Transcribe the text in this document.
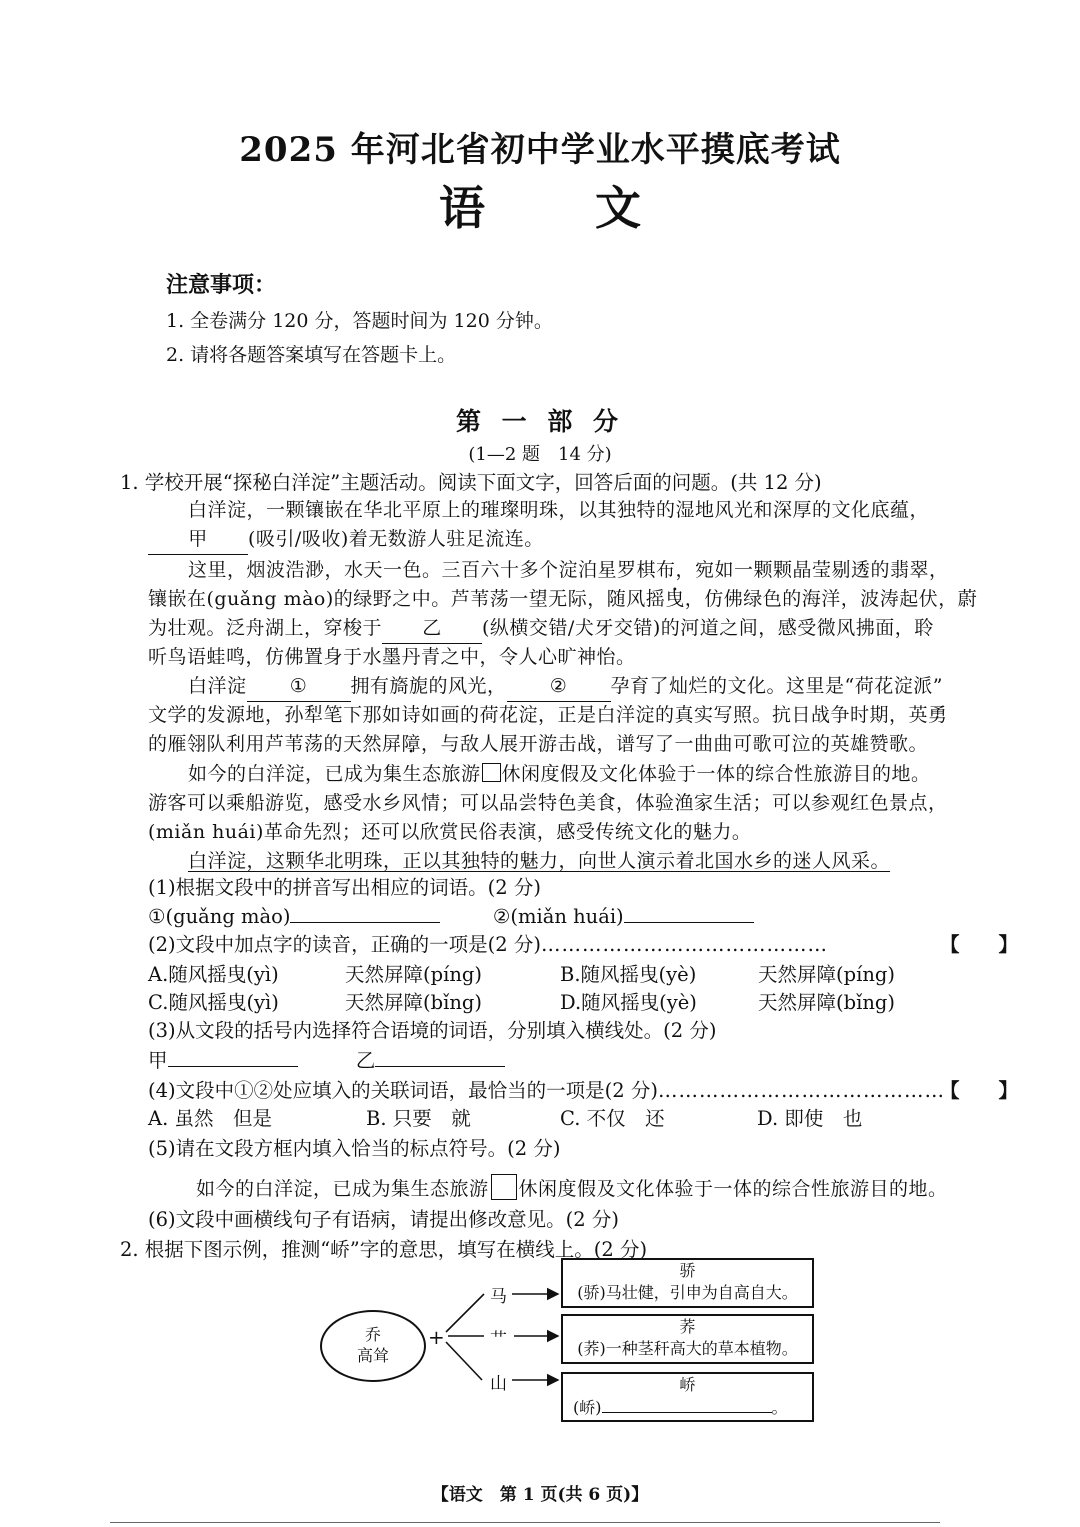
2025 年河北省初中学业水平摸底考试
语文
注意事项：
1. 全卷满分 120 分，答题时间为 120 分钟。
2. 请将各题答案填写在答题卡上。
第 一 部 分
(1—2 题　14 分)
1. 学校开展“探秘白洋淀”主题活动。阅读下面文字，回答后面的问题。(共 12 分)
白洋淀，一颗镶嵌在华北平原上的璀璨明珠，以其独特的湿地风光和深厚的文化底蕴，
甲 (吸引/吸收)着无数游人驻足流连。
这里，烟波浩渺，水天一色。三百六十多个淀泊星罗棋布，宛如一颗颗晶莹剔透的翡翠，
镶嵌在(guǎng mào)的绿野之中。芦苇荡一望无际，随风摇曳，仿佛绿色的海洋，波涛起伏，蔚
为壮观。泛舟湖上，穿梭于 乙 (纵横交错/犬牙交错)的河道之间，感受微风拂面，聆
听鸟语蛙鸣，仿佛置身于水墨丹青之中，令人心旷神怡。
白洋淀 ① 拥有旖旎的风光， ② 孕育了灿烂的文化。这里是“荷花淀派”
文学的发源地，孙犁笔下那如诗如画的荷花淀，正是白洋淀的真实写照。抗日战争时期，英勇
的雁翎队利用芦苇荡的天然屏障，与敌人展开游击战，谱写了一曲曲可歌可泣的英雄赞歌。
如今的白洋淀，已成为集生态旅游 休闲度假及文化体验于一体的综合性旅游目的地。
游客可以乘船游览，感受水乡风情；可以品尝特色美食，体验渔家生活；可以参观红色景点，
(miǎn huái)革命先烈；还可以欣赏民俗表演，感受传统文化的魅力。
白洋淀，这颗华北明珠，正以其独特的魅力，向世人演示着北国水乡的迷人风采。
(1)根据文段中的拼音写出相应的词语。(2 分)
①(guǎng mào)	②(miǎn huái)
(2)文段中加点字的读音，正确的一项是(2 分)……………………………………	【　　】
A.随风摇曳(yì)	天然屏障(píng)	B.随风摇曳(yè)	天然屏障(píng)
C.随风摇曳(yì)	天然屏障(bǐng)	D.随风摇曳(yè)	天然屏障(bǐng)
(3)从文段的括号内选择符合语境的词语，分别填入横线处。(2 分)
甲	乙
(4)文段中①②处应填入的关联词语，最恰当的一项是(2 分)……………………………………
【　　】
A. 虽然　但是	B. 只要　就	C. 不仅　还	D. 即使　也
(5)请在文段方框内填入恰当的标点符号。(2 分)
如今的白洋淀，已成为集生态旅游 休闲度假及文化体验于一体的综合性旅游目的地。
(6)文段中画横线句子有语病，请提出修改意见。(2 分)
2. 根据下图示例，推测“峤”字的意思，填写在横线上。(2 分)
乔
高耸
+
马
艹
山
骄
(骄)马壮健，引申为自高自大。
荞
(荞)一种茎秆高大的草本植物。
峤
(峤)	。
【语文　第 1 页(共 6 页)】
